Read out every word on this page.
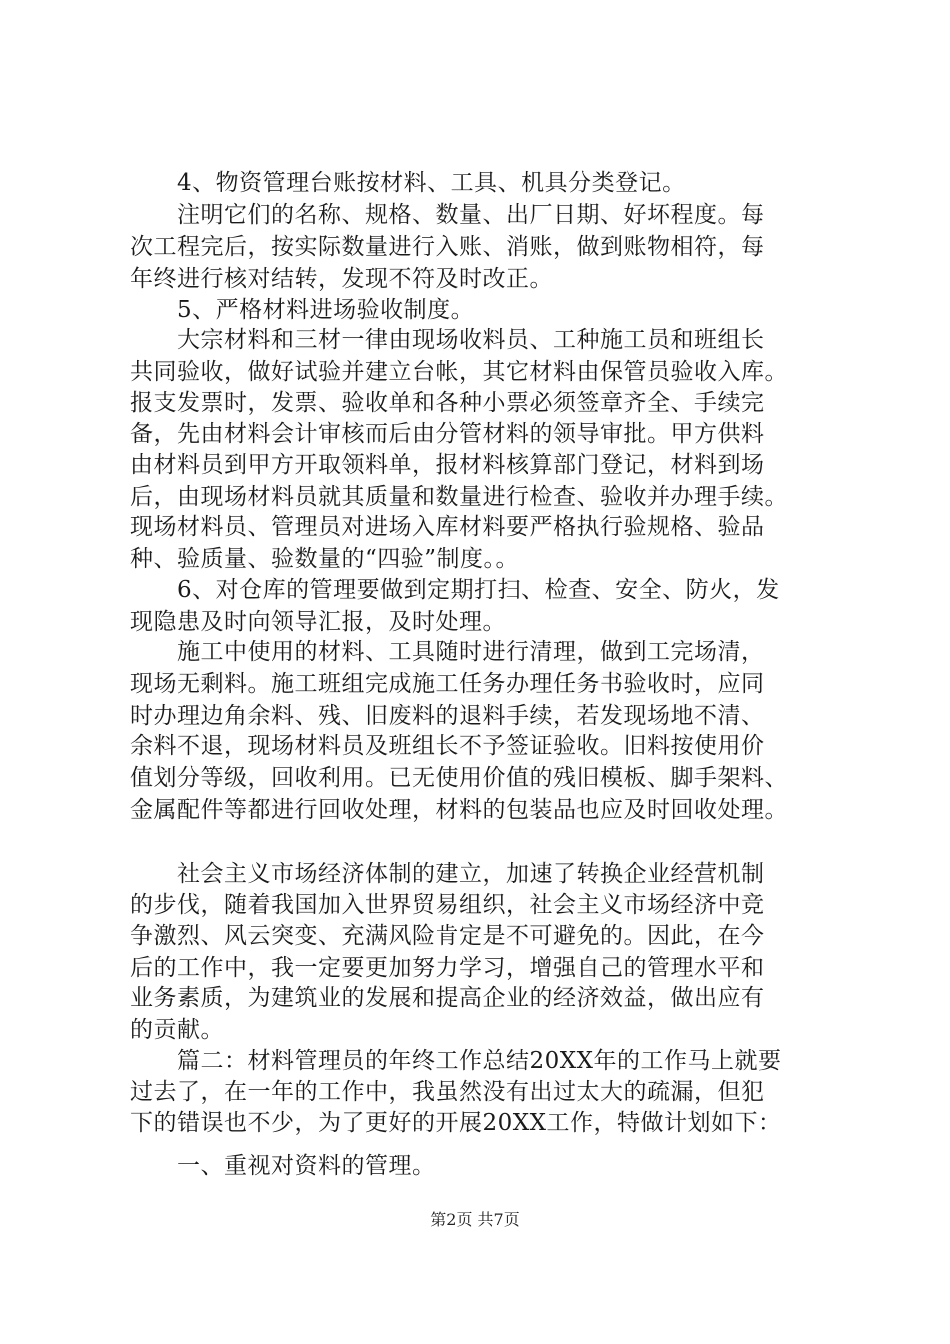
　　4、物资管理台账按材料、工具、机具分类登记。
　　注明它们的名称、规格、数量、出厂日期、好坏程度。每
次工程完后，按实际数量进行入账、消账，做到账物相符，每
年终进行核对结转，发现不符及时改正。
　　5、严格材料进场验收制度。
　　大宗材料和三材一律由现场收料员、工种施工员和班组长
共同验收，做好试验并建立台帐，其它材料由保管员验收入库。
报支发票时，发票、验收单和各种小票必须签章齐全、手续完
备，先由材料会计审核而后由分管材料的领导审批。甲方供料
由材料员到甲方开取领料单，报材料核算部门登记，材料到场
后，由现场材料员就其质量和数量进行检查、验收并办理手续。
现场材料员、管理员对进场入库材料要严格执行验规格、验品
种、验质量、验数量的“四验”制度。。
　　6、对仓库的管理要做到定期打扫、检查、安全、防火，发
现隐患及时向领导汇报，及时处理。
　　施工中使用的材料、工具随时进行清理，做到工完场清，
现场无剩料。施工班组完成施工任务办理任务书验收时，应同
时办理边角余料、残、旧废料的退料手续，若发现场地不清、
余料不退，现场材料员及班组长不予签证验收。旧料按使用价
值划分等级，回收利用。已无使用价值的残旧模板、脚手架料、
金属配件等都进行回收处理，材料的包装品也应及时回收处理。
　　社会主义市场经济体制的建立，加速了转换企业经营机制
的步伐，随着我国加入世界贸易组织，社会主义市场经济中竞
争激烈、风云突变、充满风险肯定是不可避免的。因此，在今
后的工作中，我一定要更加努力学习，增强自己的管理水平和
业务素质，为建筑业的发展和提高企业的经济效益，做出应有
的贡献。
　　篇二：材料管理员的年终工作总结20XX年的工作马上就要
过去了，在一年的工作中，我虽然没有出过太大的疏漏，但犯
下的错误也不少，为了更好的开展20XX工作，特做计划如下：
　　一、重视对资料的管理。
第2页 共7页
